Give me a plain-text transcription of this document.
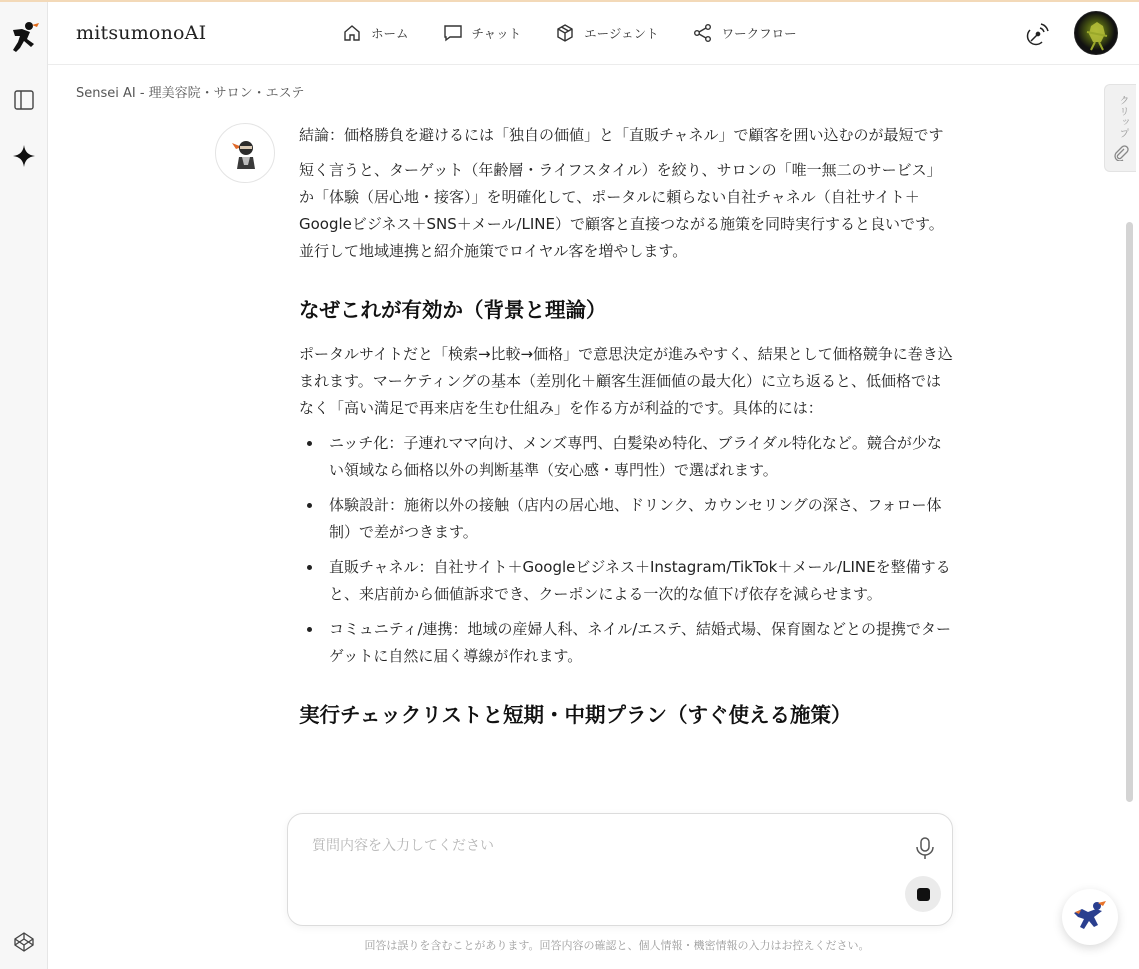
mitsumonoAI	ホーム	チャット	エージェント	ワークフロー
Sensei AI - 理美容院・サロン・エステ
クリップ

結論：価格勝負を避けるには「独自の価値」と「直販チャネル」で顧客を囲い込むのが最短です

短く言うと、ターゲット（年齢層・ライフスタイル）を絞り、サロンの「唯一無二のサービス」か「体験（居心地・接客）」を明確化して、ポータルに頼らない自社チャネル（自社サイト＋Googleビジネス＋SNS＋メール/LINE）で顧客と直接つながる施策を同時実行すると良いです。並行して地域連携と紹介施策でロイヤル客を増やします。

なぜこれが有効か（背景と理論）

ポータルサイトだと「検索→比較→価格」で意思決定が進みやすく、結果として価格競争に巻き込まれます。マーケティングの基本（差別化＋顧客生涯価値の最大化）に立ち返ると、低価格ではなく「高い満足で再来店を生む仕組み」を作る方が利益的です。具体的には：

ニッチ化：子連れママ向け、メンズ専門、白髪染め特化、ブライダル特化など。競合が少ない領域なら価格以外の判断基準（安心感・専門性）で選ばれます。
体験設計：施術以外の接触（店内の居心地、ドリンク、カウンセリングの深さ、フォロー体制）で差がつきます。
直販チャネル：自社サイト＋Googleビジネス＋Instagram/TikTok＋メール/LINEを整備すると、来店前から価値訴求でき、クーポンによる一次的な値下げ依存を減らせます。
コミュニティ/連携：地域の産婦人科、ネイル/エステ、結婚式場、保育園などとの提携でターゲットに自然に届く導線が作れます。
実行チェックリストと短期・中期プラン（すぐ使える施策）
質問内容を入力してください
回答は誤りを含むことがあります。回答内容の確認と、個人情報・機密情報の入力はお控えください。
